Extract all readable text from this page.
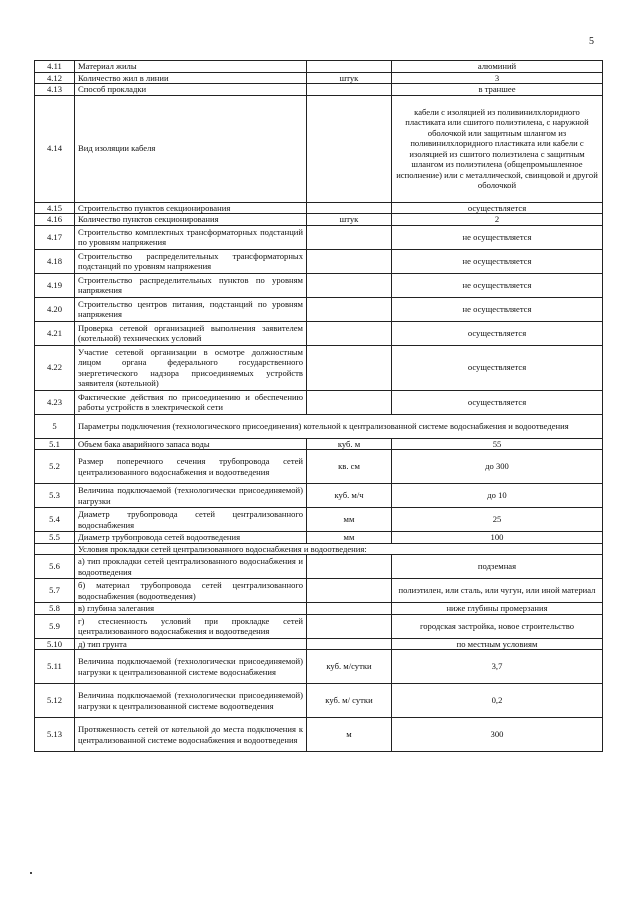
5
4.11	Материал жилы		алюминий
4.12	Количество жил в линии	штук	3
4.13	Способ прокладки		в траншее
4.14	Вид изоляции кабеля		кабели с изоляцией из поливинилхлоридного пластиката или сшитого полиэтилена, с наружной оболочкой или защитным шлангом из поливинилхлоридного пластиката или кабели с изоляцией из сшитого полиэтилена с защитным шлангом из полиэтилена (общепромышленное исполнение) или с металлической, свинцовой и другой оболочкой
4.15	Строительство пунктов секционирования		осуществляется
4.16	Количество пунктов секционирования	штук	2
4.17	Строительство комплектных трансформаторных подстанций по уровням напряжения		не осуществляется
4.18	Строительство распределительных трансформаторных подстанций по уровням напряжения		не осуществляется
4.19	Строительство распределительных пунктов по уровням напряжения		не осуществляется
4.20	Строительство центров питания, подстанций по уровням напряжения		не осуществляется
4.21	Проверка сетевой организацией выполнения заявителем (котельной) технических условий		осуществляется
4.22	Участие сетевой организации в осмотре должностным лицом органа федерального государственного энергетического надзора присоединяемых устройств заявителя (котельной)		осуществляется
4.23	Фактические действия по присоединению и обеспечению работы устройств в электрической сети		осуществляется
5	Параметры подключения (технологического присоединения) котельной к централизованной системе водоснабжения и водоотведения		
5.1	Объем бака аварийного запаса воды	куб. м	55
5.2	Размер поперечного сечения трубопровода сетей централизованного водоснабжения и водоотведения	кв. см	до 300
5.3	Величина подключаемой (технологически присоединяемой) нагрузки	куб. м/ч	до 10
5.4	Диаметр трубопровода сетей централизованного водоснабжения	мм	25
5.5	Диаметр трубопровода сетей водоотведения	мм	100
	Условия прокладки сетей централизованного водоснабжения и водоотведения:		
5.6	а) тип прокладки сетей централизованного водоснабжения и водоотведения		подземная
5.7	б) материал трубопровода сетей централизованного водоснабжения (водоотведения)		полиэтилен, или сталь, или чугун, или иной материал
5.8	в) глубина залегания		ниже глубины промерзания
5.9	г) стесненность условий при прокладке сетей централизованного водоснабжения и водоотведения		городская застройка, новое строительство
5.10	д) тип грунта		по местным условиям
5.11	Величина подключаемой (технологически присоединяемой) нагрузки к централизованной системе водоснабжения	куб. м/сутки	3,7
5.12	Величина подключаемой (технологически присоединяемой) нагрузки к централизованной системе водоотведения	куб. м/ сутки	0,2
5.13	Протяженность сетей от котельной до места подключения к централизованной системе водоснабжения и водоотведения	м	300
